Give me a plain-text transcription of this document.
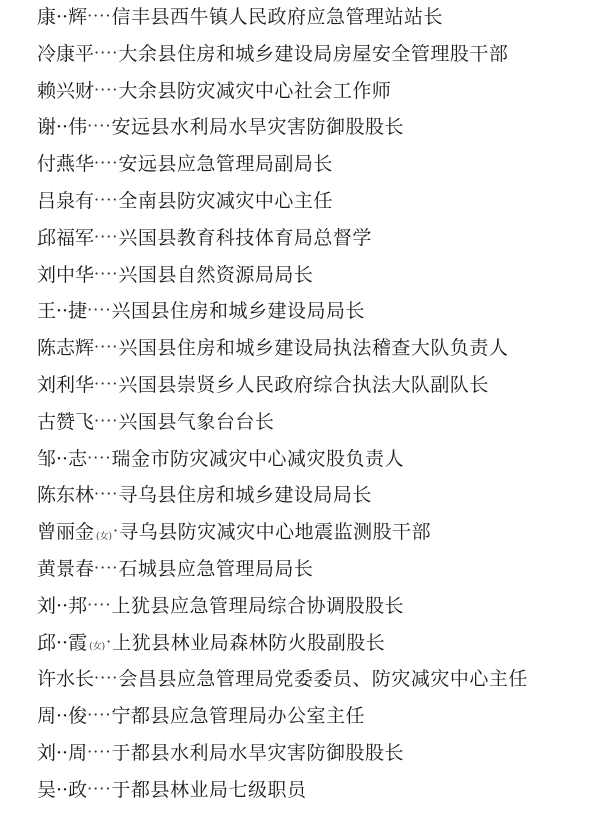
康··辉 ···· 信丰县西牛镇人民政府应急管理站站长
冷康平 ···· 大余县住房和城乡建设局房屋安全管理股干部
赖兴财 ···· 大余县防灾减灾中心社会工作师
谢··伟 ···· 安远县水利局水旱灾害防御股股长
付燕华 ···· 安远县应急管理局副局长
吕泉有 ···· 全南县防灾减灾中心主任
邱福军 ···· 兴国县教育科技体育局总督学
刘中华 ···· 兴国县自然资源局局长
王··捷 ···· 兴国县住房和城乡建设局局长
陈志辉 ···· 兴国县住房和城乡建设局执法稽查大队负责人
刘利华 ···· 兴国县崇贤乡人民政府综合执法大队副队长
古赞飞 ···· 兴国县气象台台长
邹··志 ···· 瑞金市防灾减灾中心减灾股负责人
陈东林 ···· 寻乌县住房和城乡建设局局长
曾丽金 (女) · 寻乌县防灾减灾中心地震监测股干部
黄景春 ···· 石城县应急管理局局长
刘··邦 ···· 上犹县应急管理局综合协调股股长
邱··霞 (女) · 上犹县林业局森林防火股副股长
许水长 ···· 会昌县应急管理局党委委员、防灾减灾中心主任
周··俊 ···· 宁都县应急管理局办公室主任
刘··周 ···· 于都县水利局水旱灾害防御股股长
吴··政 ···· 于都县林业局七级职员
